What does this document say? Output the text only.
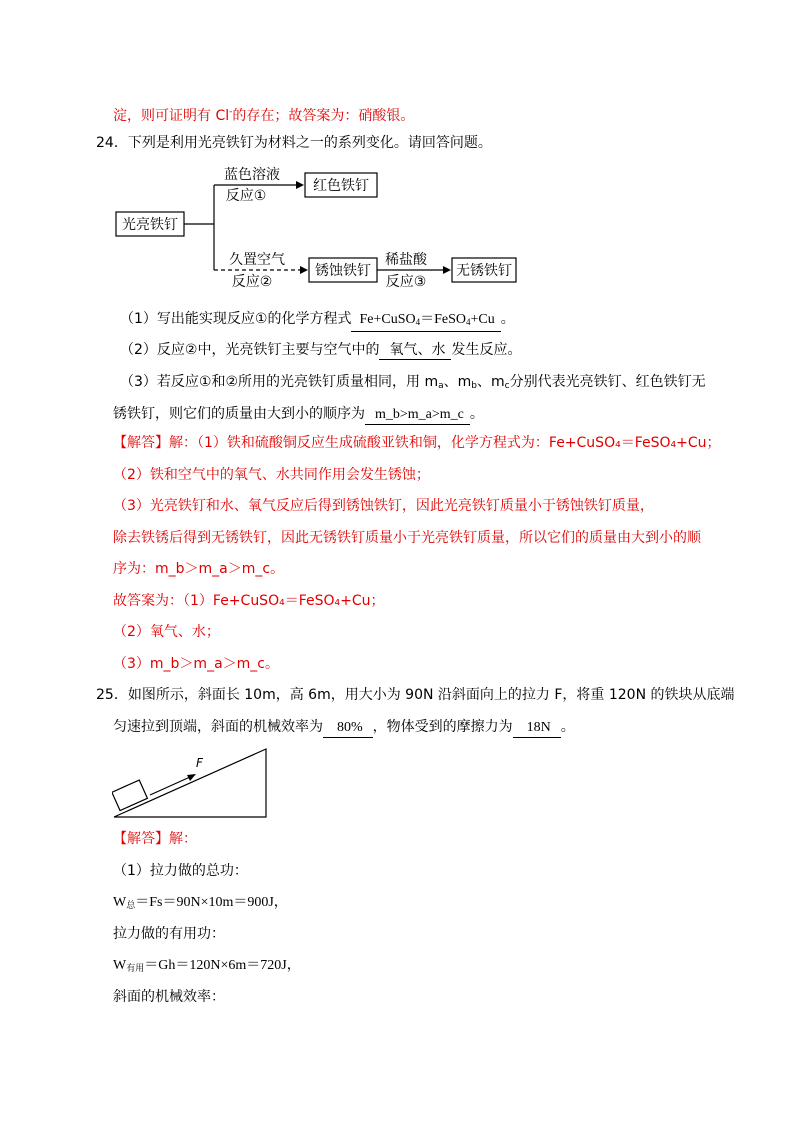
淀，则可证明有 Cl-的存在；故答案为：硝酸银。
24．下列是利用光亮铁钉为材料之一的系列变化。请回答问题。
光亮铁钉
蓝色溶液
反应①
红色铁钉
久置空气
反应②
锈蚀铁钉
稀盐酸
反应③
无锈铁钉
（1）写出能实现反应①的化学方程式 Fe+CuSO$_4$＝FeSO$_4$+Cu 。
（2）反应②中，光亮铁钉主要与空气中的 氧气、水 发生反应。
（3）若反应①和②所用的光亮铁钉质量相同，用 $m_a$、$m_b$、$m_c$分别代表光亮铁钉、红色铁钉无
锈铁钉，则它们的质量由大到小的顺序为 m_b>m_a>m_c 。
【解答】解：（1）铁和硫酸铜反应生成硫酸亚铁和铜，化学方程式为：Fe+CuSO₄＝FeSO₄+Cu；
（2）铁和空气中的氧气、水共同作用会发生锈蚀；
（3）光亮铁钉和水、氧气反应后得到锈蚀铁钉，因此光亮铁钉质量小于锈蚀铁钉质量，
除去铁锈后得到无锈铁钉，因此无锈铁钉质量小于光亮铁钉质量，所以它们的质量由大到小的顺
序为：m_b＞m_a＞m_c。
故答案为：（1）Fe+CuSO₄＝FeSO₄+Cu；
（2）氧气、水；
（3）m_b＞m_a＞m_c。
25．如图所示，斜面长 10m，高 6m，用大小为 90N 沿斜面向上的拉力 F，将重 120N 的铁块从底端
匀速拉到顶端，斜面的机械效率为 80% ，物体受到的摩擦力为 18N 。
F
【解答】解：
（1）拉力做的总功：
$W_总=Fs=90N\times 10m=900J$，
拉力做的有用功：
$W_{有用}=Gh=120N\times 6m=720J$，
斜面的机械效率：
